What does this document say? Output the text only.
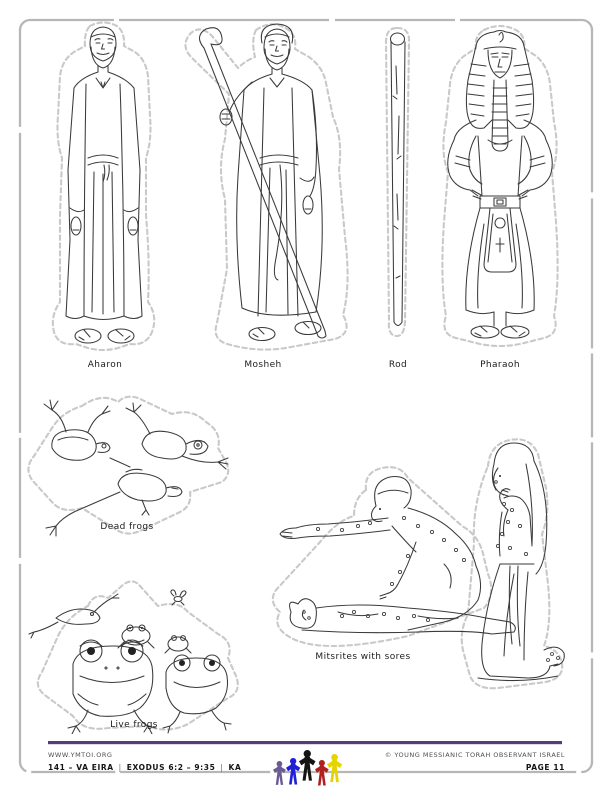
Aharon	Mosheh	Rod	Pharaoh
Dead frogs
Live frogs
Mitsrites with sores
WWW.YMTOI.ORG
141 – VA EIRA | EXODUS 6:2 – 9:35 | KA
© YOUNG MESSIANIC TORAH OBSERVANT ISRAEL
PAGE 11
